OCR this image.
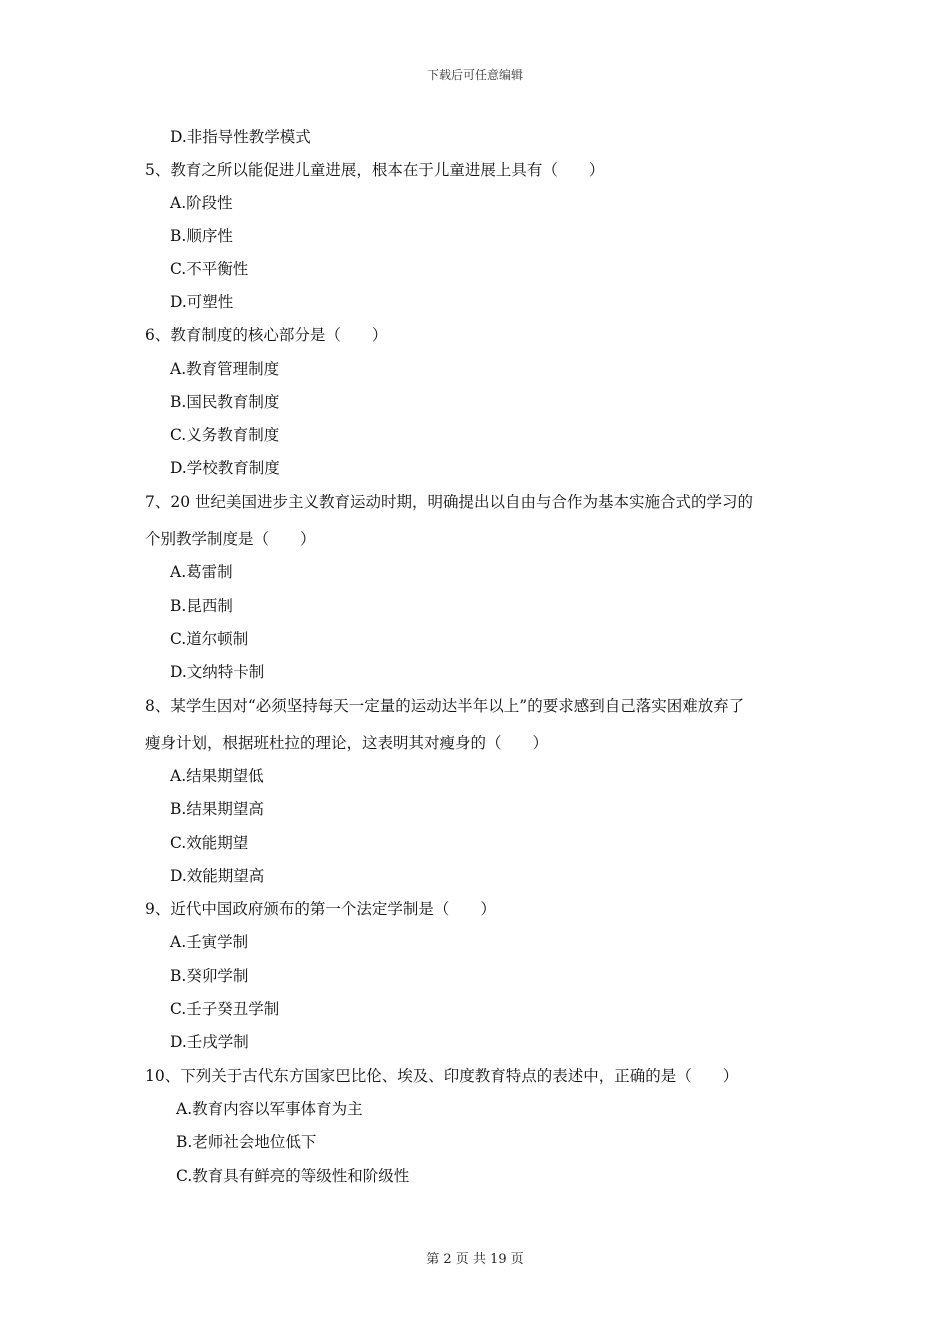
下载后可任意编辑
D.非指导性教学模式
5、教育之所以能促进儿童进展，根本在于儿童进展上具有（　　）
A.阶段性
B.顺序性
C.不平衡性
D.可塑性
6、教育制度的核心部分是（　　）
A.教育管理制度
B.国民教育制度
C.义务教育制度
D.学校教育制度
7、20 世纪美国进步主义教育运动时期，明确提出以自由与合作为基本实施合式的学习的
个别教学制度是（　　）
A.葛雷制
B.昆西制
C.道尔顿制
D.文纳特卡制
8、某学生因对“必须坚持每天一定量的运动达半年以上”的要求感到自己落实困难放弃了
瘦身计划，根据班杜拉的理论，这表明其对瘦身的（　　）
A.结果期望低
B.结果期望高
C.效能期望
D.效能期望高
9、近代中国政府颁布的第一个法定学制是（　　）
A.壬寅学制
B.癸卯学制
C.壬子癸丑学制
D.壬戌学制
10、下列关于古代东方国家巴比伦、埃及、印度教育特点的表述中，正确的是（　　）
A.教育内容以军事体育为主
B.老师社会地位低下
C.教育具有鲜亮的等级性和阶级性
第 2 页 共 19 页
